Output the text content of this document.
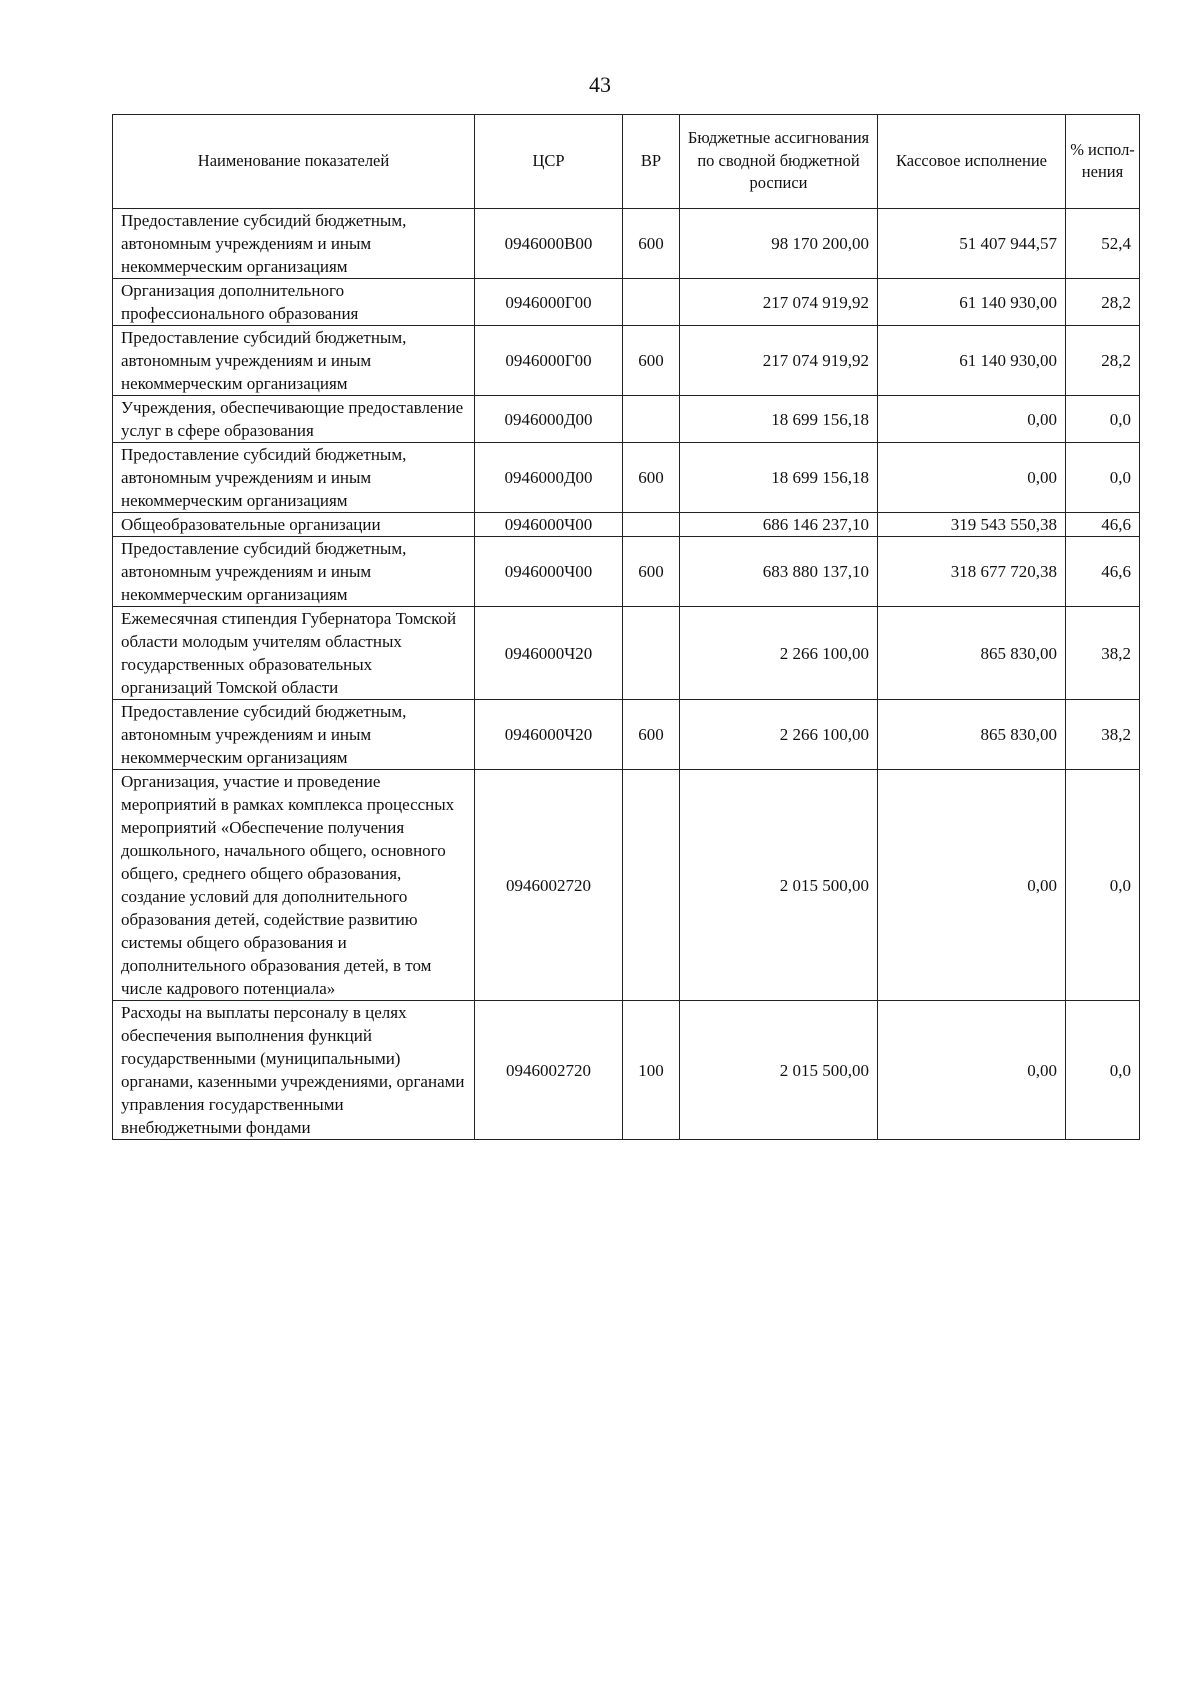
43
Наименование показателей	ЦСР	ВР	Бюджетные ассигнования по сводной бюджетной росписи	Кассовое исполнение	% испол-нения
Предоставление субсидий бюджетным, автономным учреждениям и иным некоммерческим организациям	0946000В00	600	98 170 200,00	51 407 944,57	52,4
Организация дополнительного профессионального образования	0946000Г00		217 074 919,92	61 140 930,00	28,2
Предоставление субсидий бюджетным, автономным учреждениям и иным некоммерческим организациям	0946000Г00	600	217 074 919,92	61 140 930,00	28,2
Учреждения, обеспечивающие предоставление услуг в сфере образования	0946000Д00		18 699 156,18	0,00	0,0
Предоставление субсидий бюджетным, автономным учреждениям и иным некоммерческим организациям	0946000Д00	600	18 699 156,18	0,00	0,0
Общеобразовательные организации	0946000Ч00		686 146 237,10	319 543 550,38	46,6
Предоставление субсидий бюджетным, автономным учреждениям и иным некоммерческим организациям	0946000Ч00	600	683 880 137,10	318 677 720,38	46,6
Ежемесячная стипендия Губернатора Томской области молодым учителям областных государственных образовательных организаций Томской области	0946000Ч20		2 266 100,00	865 830,00	38,2
Предоставление субсидий бюджетным, автономным учреждениям и иным некоммерческим организациям	0946000Ч20	600	2 266 100,00	865 830,00	38,2
Организация, участие и проведение мероприятий в рамках комплекса процессных мероприятий «Обеспечение получения дошкольного, начального общего, основного общего, среднего общего образования, создание условий для дополнительного образования детей, содействие развитию системы общего образования и дополнительного образования детей, в том числе кадрового потенциала»	0946002720		2 015 500,00	0,00	0,0
Расходы на выплаты персоналу в целях обеспечения выполнения функций государственными (муниципальными) органами, казенными учреждениями, органами управления государственными внебюджетными фондами	0946002720	100	2 015 500,00	0,00	0,0
